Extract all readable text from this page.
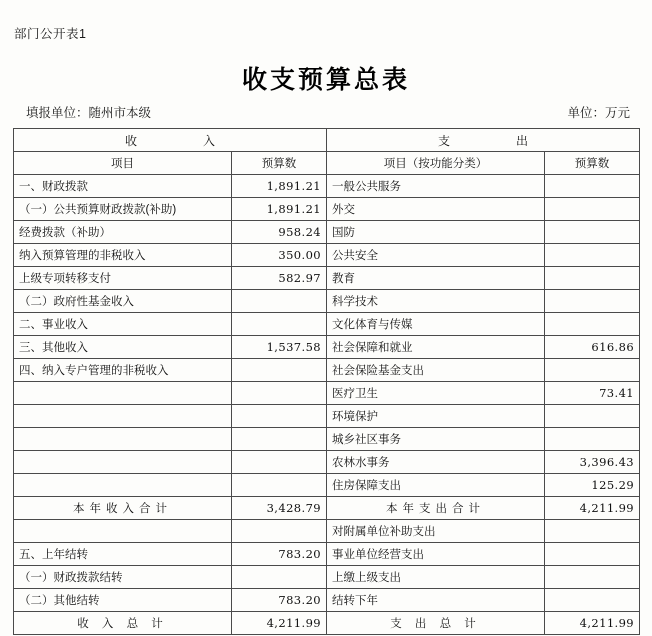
部门公开表1
收支预算总表
填报单位：随州市本级	单位：万元
收　　入		支　　出	
项目	预算数	项目（按功能分类）	预算数
一、财政拨款	1,891.21	一般公共服务	
（一）公共预算财政拨款(补助)	1,891.21	外交	
经费拨款（补助）	958.24	国防	
纳入预算管理的非税收入	350.00	公共安全	
上级专项转移支付	582.97	教育	
（二）政府性基金收入		科学技术	
二、事业收入		文化体育与传媒	
三、其他收入	1,537.58	社会保障和就业	616.86
四、纳入专户管理的非税收入		社会保险基金支出	
		医疗卫生	73.41
		环境保护	
		城乡社区事务	
		农林水事务	3,396.43
		住房保障支出	125.29
本年收入合计	3,428.79	本年支出合计	4,211.99
		对附属单位补助支出	
五、上年结转	783.20	事业单位经营支出	
（一）财政拨款结转		上缴上级支出	
（二）其他结转	783.20	结转下年	
收 入 总 计	4,211.99	支 出 总 计	4,211.99
